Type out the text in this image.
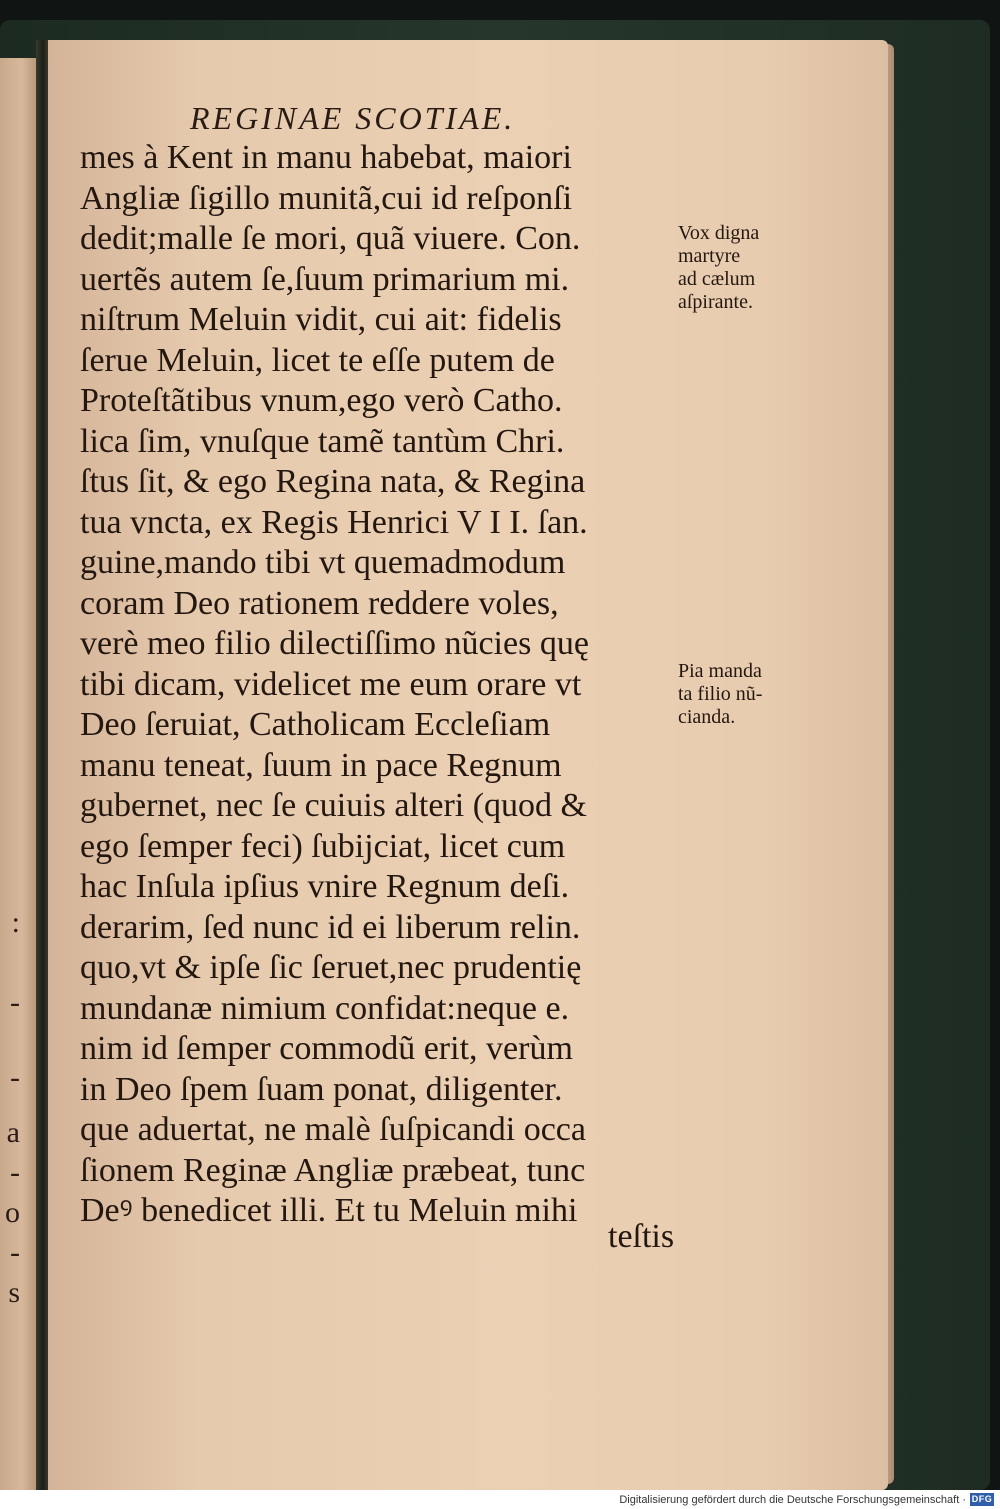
:
-
-
a
-
o
-
s
REGINAE SCOTIAE.
mes à Kent in manu habebat, maiori
Angliæ ſigillo munitã,cui id reſponſi
dedit;malle ſe mori, quã viuere. Con.
uertẽs autem ſe,ſuum primarium mi.
niſtrum Meluin vidit, cui ait: fidelis
ſerue Meluin, licet te eſſe putem de
Proteſtãtibus vnum,ego verò Catho.
lica ſim, vnuſque tamẽ tantùm Chri.
ſtus ſit, & ego Regina nata, & Regina
tua vncta, ex Regis Henrici V I I. ſan.
guine,mando tibi vt quemadmodum
coram Deo rationem reddere voles,
verè meo filio dilectiſſimo nũcies quę
tibi dicam, videlicet me eum orare vt
Deo ſeruiat, Catholicam Eccleſiam
manu teneat, ſuum in pace Regnum
gubernet, nec ſe cuiuis alteri (quod &
ego ſemper feci) ſubijciat, licet cum
hac Inſula ipſius vnire Regnum deſi.
derarim, ſed nunc id ei liberum relin.
quo,vt & ipſe ſic ſeruet,nec prudentię
mundanæ nimium confidat:neque e.
nim id ſemper commodũ erit, verùm
in Deo ſpem ſuam ponat, diligenter.
que aduertat, ne malè ſuſpicandi occa
ſionem Reginæ Angliæ præbeat, tunc
Deꝰ benedicet illi. Et tu Meluin mihi
teſtis
Vox digna
martyre
ad cælum
aſpirante.
Pia manda
ta filio nũ-
cianda.
Digitalisierung gefördert durch die Deutsche Forschungsgemeinschaft · DFG
